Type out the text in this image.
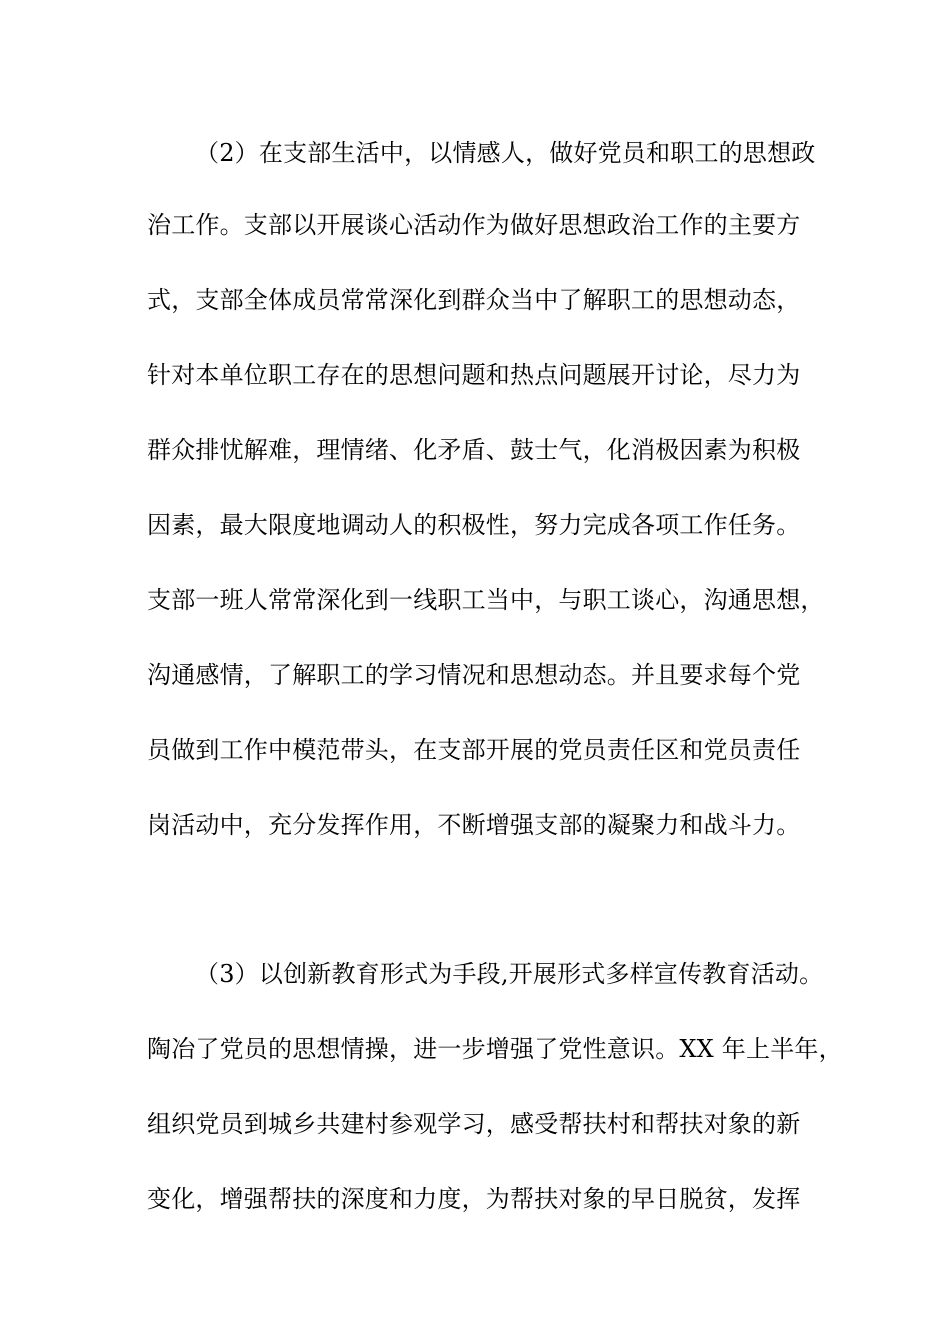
（2）在支部生活中，以情感人，做好党员和职工的思想政
治工作。支部以开展谈心活动作为做好思想政治工作的主要方
式，支部全体成员常常深化到群众当中了解职工的思想动态，
针对本单位职工存在的思想问题和热点问题展开讨论，尽力为
群众排忧解难，理情绪、化矛盾、鼓士气，化消极因素为积极
因素，最大限度地调动人的积极性，努力完成各项工作任务。
支部一班人常常深化到一线职工当中，与职工谈心，沟通思想，
沟通感情，了解职工的学习情况和思想动态。并且要求每个党
员做到工作中模范带头，在支部开展的党员责任区和党员责任
岗活动中，充分发挥作用，不断增强支部的凝聚力和战斗力。
（3）以创新教育形式为手段,开展形式多样宣传教育活动。
陶冶了党员的思想情操，进一步增强了党性意识。XX 年上半年，
组织党员到城乡共建村参观学习，感受帮扶村和帮扶对象的新
变化，增强帮扶的深度和力度，为帮扶对象的早日脱贫，发挥
